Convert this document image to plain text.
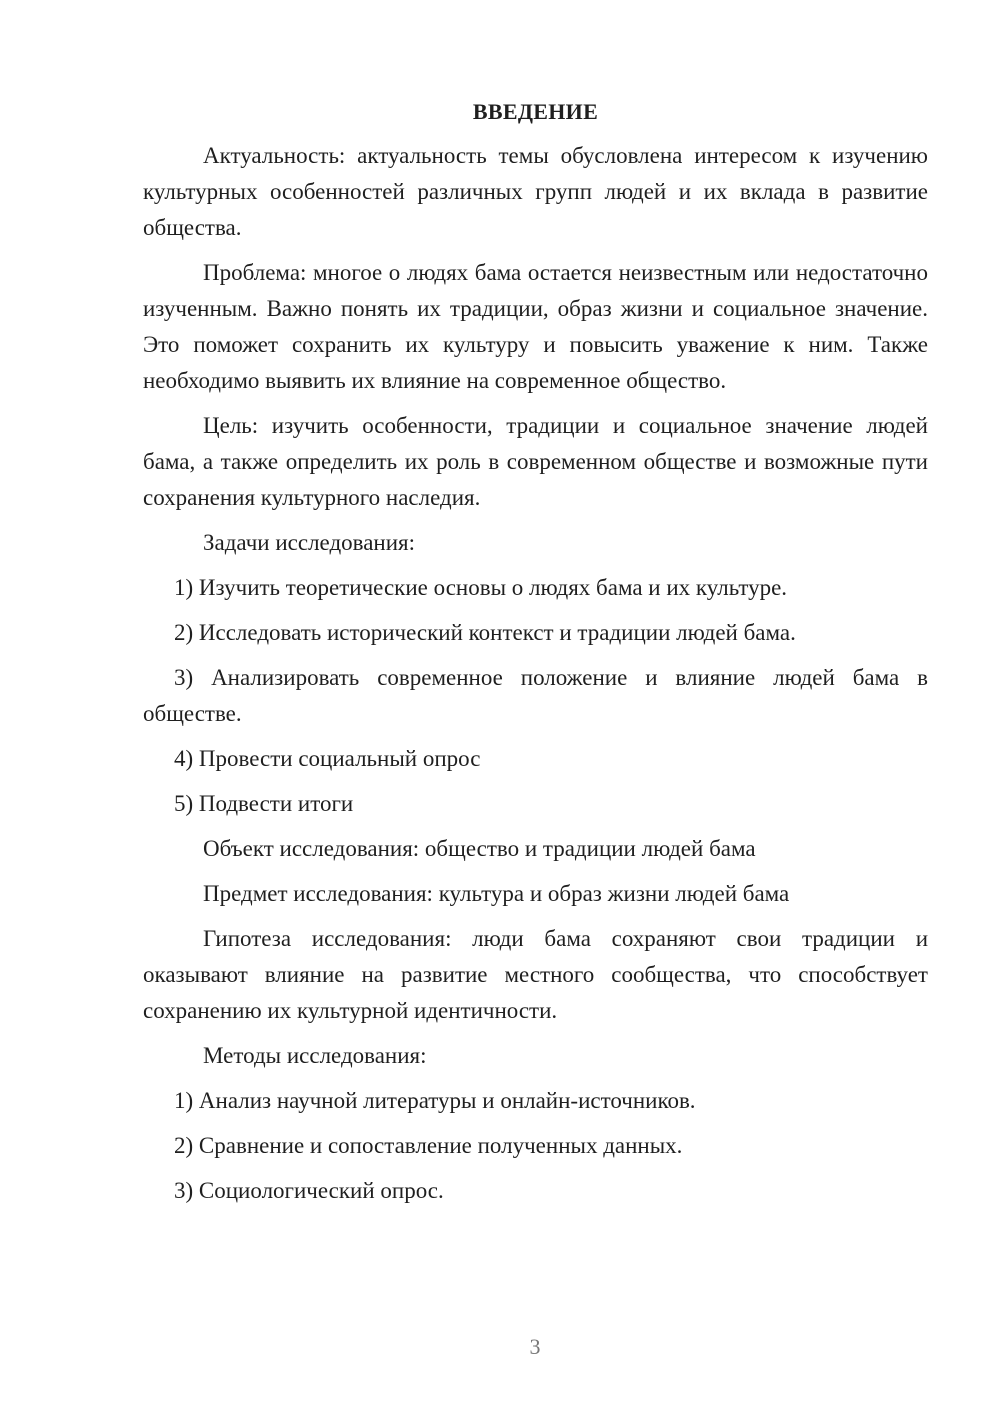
ВВЕДЕНИЕ

Актуальность: актуальность темы обусловлена интересом к изучению культурных особенностей различных групп людей и их вклада в развитие общества.

Проблема: многое о людях бама остается неизвестным или недостаточно изученным. Важно понять их традиции, образ жизни и социальное значение. Это поможет сохранить их культуру и повысить уважение к ним. Также необходимо выявить их влияние на современное общество.

Цель: изучить особенности, традиции и социальное значение людей бама, а также определить их роль в современном обществе и возможные пути сохранения культурного наследия.

Задачи исследования:

1) Изучить теоретические основы о людях бама и их культуре.

2) Исследовать исторический контекст и традиции людей бама.

3) Анализировать современное положение и влияние людей бама в обществе.

4) Провести социальный опрос

5) Подвести итоги

Объект исследования: общество и традиции людей бама

Предмет исследования: культура и образ жизни людей бама

Гипотеза исследования: люди бама сохраняют свои традиции и оказывают влияние на развитие местного сообщества, что способствует сохранению их культурной идентичности.

Методы исследования:

1) Анализ научной литературы и онлайн-источников.

2) Сравнение и сопоставление полученных данных.

3) Социологический опрос.

3
